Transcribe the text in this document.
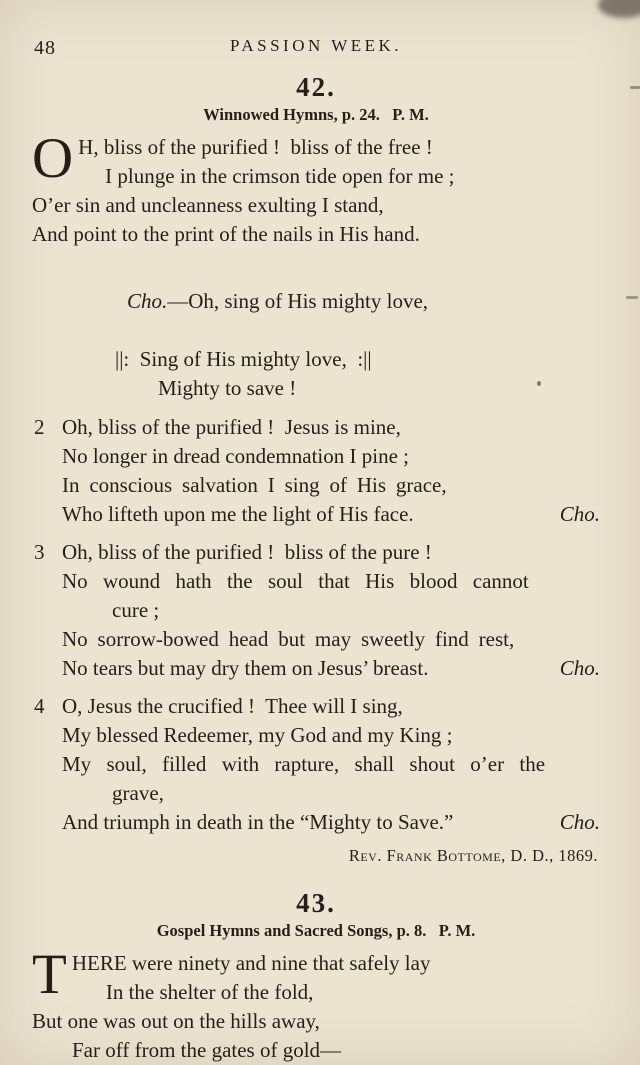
48	PASSION WEEK.
42.
Winnowed Hymns, p. 24.   P. M.
O H, bliss of the purified !  bliss of the free !
I plunge in the crimson tide open for me ;
O’er sin and uncleanness exulting I stand,
And point to the print of the nails in His hand.

Cho.—Oh, sing of His mighty love,

||:  Sing of His mighty love,  :||
Mighty to save !
2 Oh, bliss of the purified !  Jesus is mine,
No longer in dread condemnation I pine ;
In conscious salvation I sing of His grace,
Who lifteth upon me the light of His face.	Cho.
3 Oh, bliss of the purified !  bliss of the pure !
No wound hath the soul that His blood cannot
cure ;
No sorrow-bowed head but may sweetly find rest,
No tears but may dry them on Jesus’ breast.	Cho.
4 O, Jesus the crucified !  Thee will I sing,
My blessed Redeemer, my God and my King ;
My soul, filled with rapture, shall shout o’er the
grave,
And triumph in death in the “Mighty to Save.”	Cho.
Rev. Frank Bottome, D. D., 1869.
43.
Gospel Hymns and Sacred Songs, p. 8.   P. M.
T HERE were ninety and nine that safely lay
In the shelter of the fold,
But one was out on the hills away,
Far off from the gates of gold—
